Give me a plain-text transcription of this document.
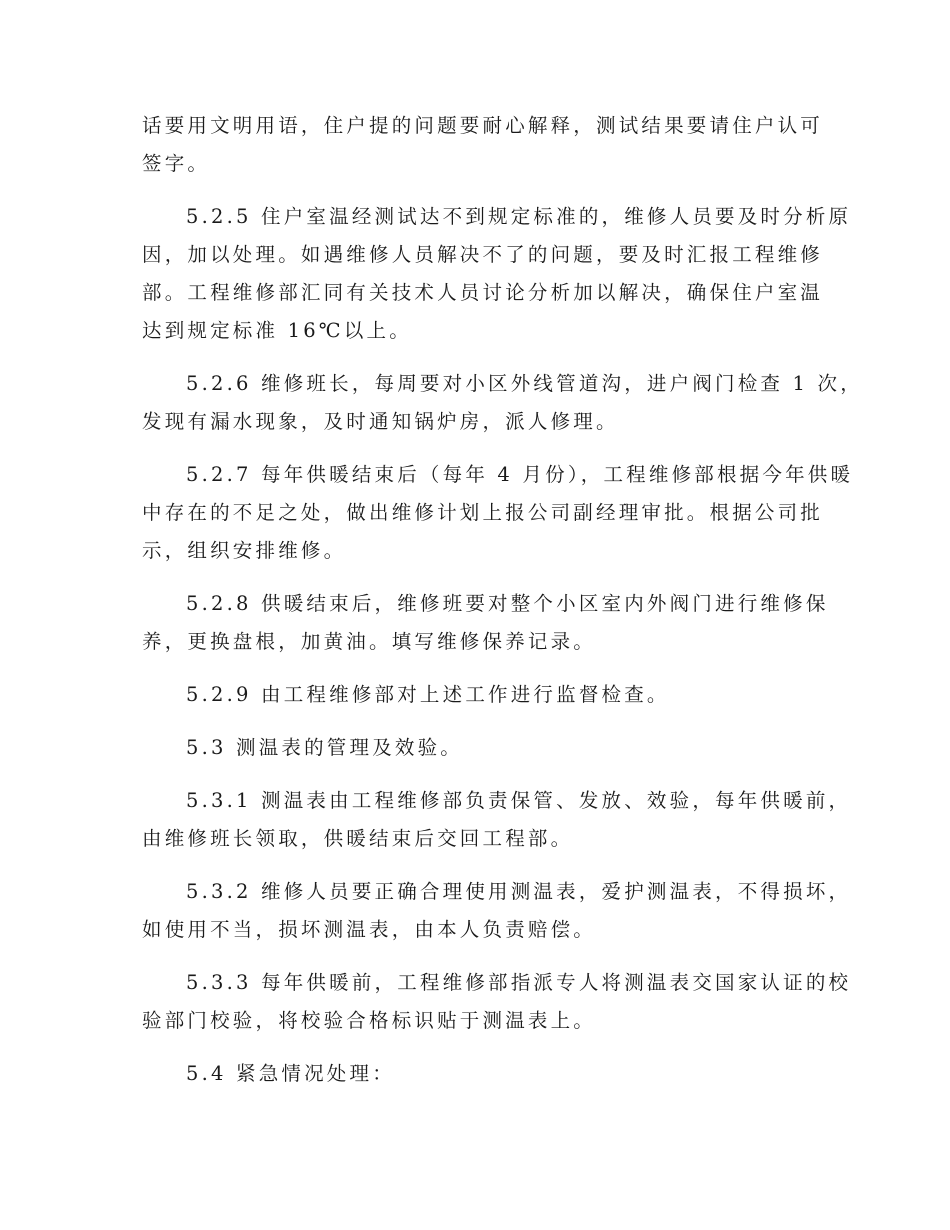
话要用文明用语，住户提的问题要耐心解释，测试结果要请住户认可
签字。
5.2.5 住户室温经测试达不到规定标准的，维修人员要及时分析原
因，加以处理。如遇维修人员解决不了的问题，要及时汇报工程维修
部。工程维修部汇同有关技术人员讨论分析加以解决，确保住户室温
达到规定标准 16℃以上。
5.2.6 维修班长，每周要对小区外线管道沟，进户阀门检查 1 次，
发现有漏水现象，及时通知锅炉房，派人修理。
5.2.7 每年供暖结束后（每年 4 月份），工程维修部根据今年供暖
中存在的不足之处，做出维修计划上报公司副经理审批。根据公司批
示，组织安排维修。
5.2.8 供暖结束后，维修班要对整个小区室内外阀门进行维修保
养，更换盘根，加黄油。填写维修保养记录。
5.2.9 由工程维修部对上述工作进行监督检查。
5.3 测温表的管理及效验。
5.3.1 测温表由工程维修部负责保管、发放、效验，每年供暖前，
由维修班长领取，供暖结束后交回工程部。
5.3.2 维修人员要正确合理使用测温表，爱护测温表，不得损坏，
如使用不当，损坏测温表，由本人负责赔偿。
5.3.3 每年供暖前，工程维修部指派专人将测温表交国家认证的校
验部门校验，将校验合格标识贴于测温表上。
5.4 紧急情况处理：
